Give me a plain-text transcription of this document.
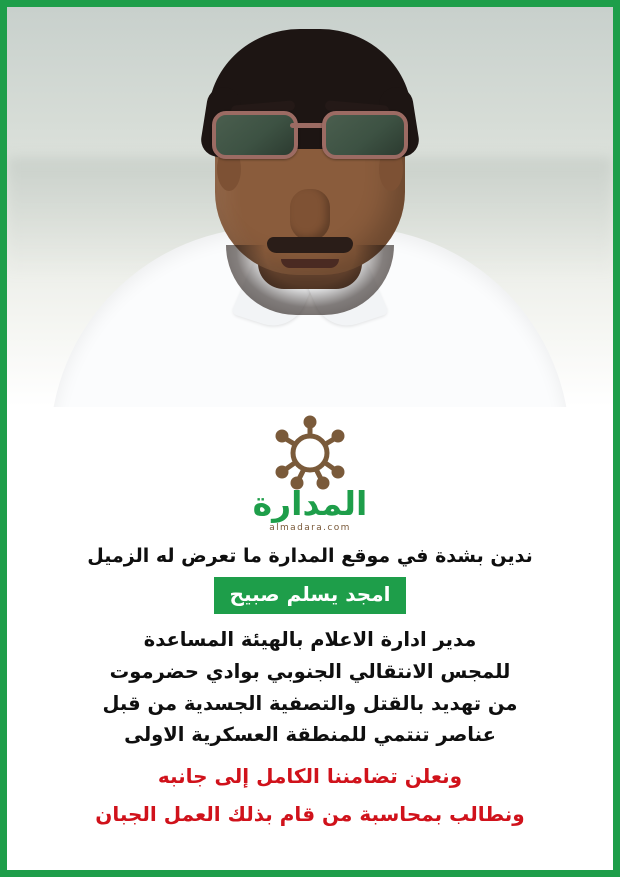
المدارة
almadara.com
ندين بشدة في موقع المدارة ما تعرض له الزميل
امجد يسلم صبيح
مدير ادارة الاعلام بالهيئة المساعدة
للمجس الانتقالي الجنوبي بوادي حضرموت
من تهديد بالقتل والتصفية الجسدية من قبل
عناصر تنتمي للمنطقة العسكرية الاولى
ونعلن تضامننا الكامل إلى جانبه
ونطالب بمحاسبة من قام بذلك العمل الجبان
